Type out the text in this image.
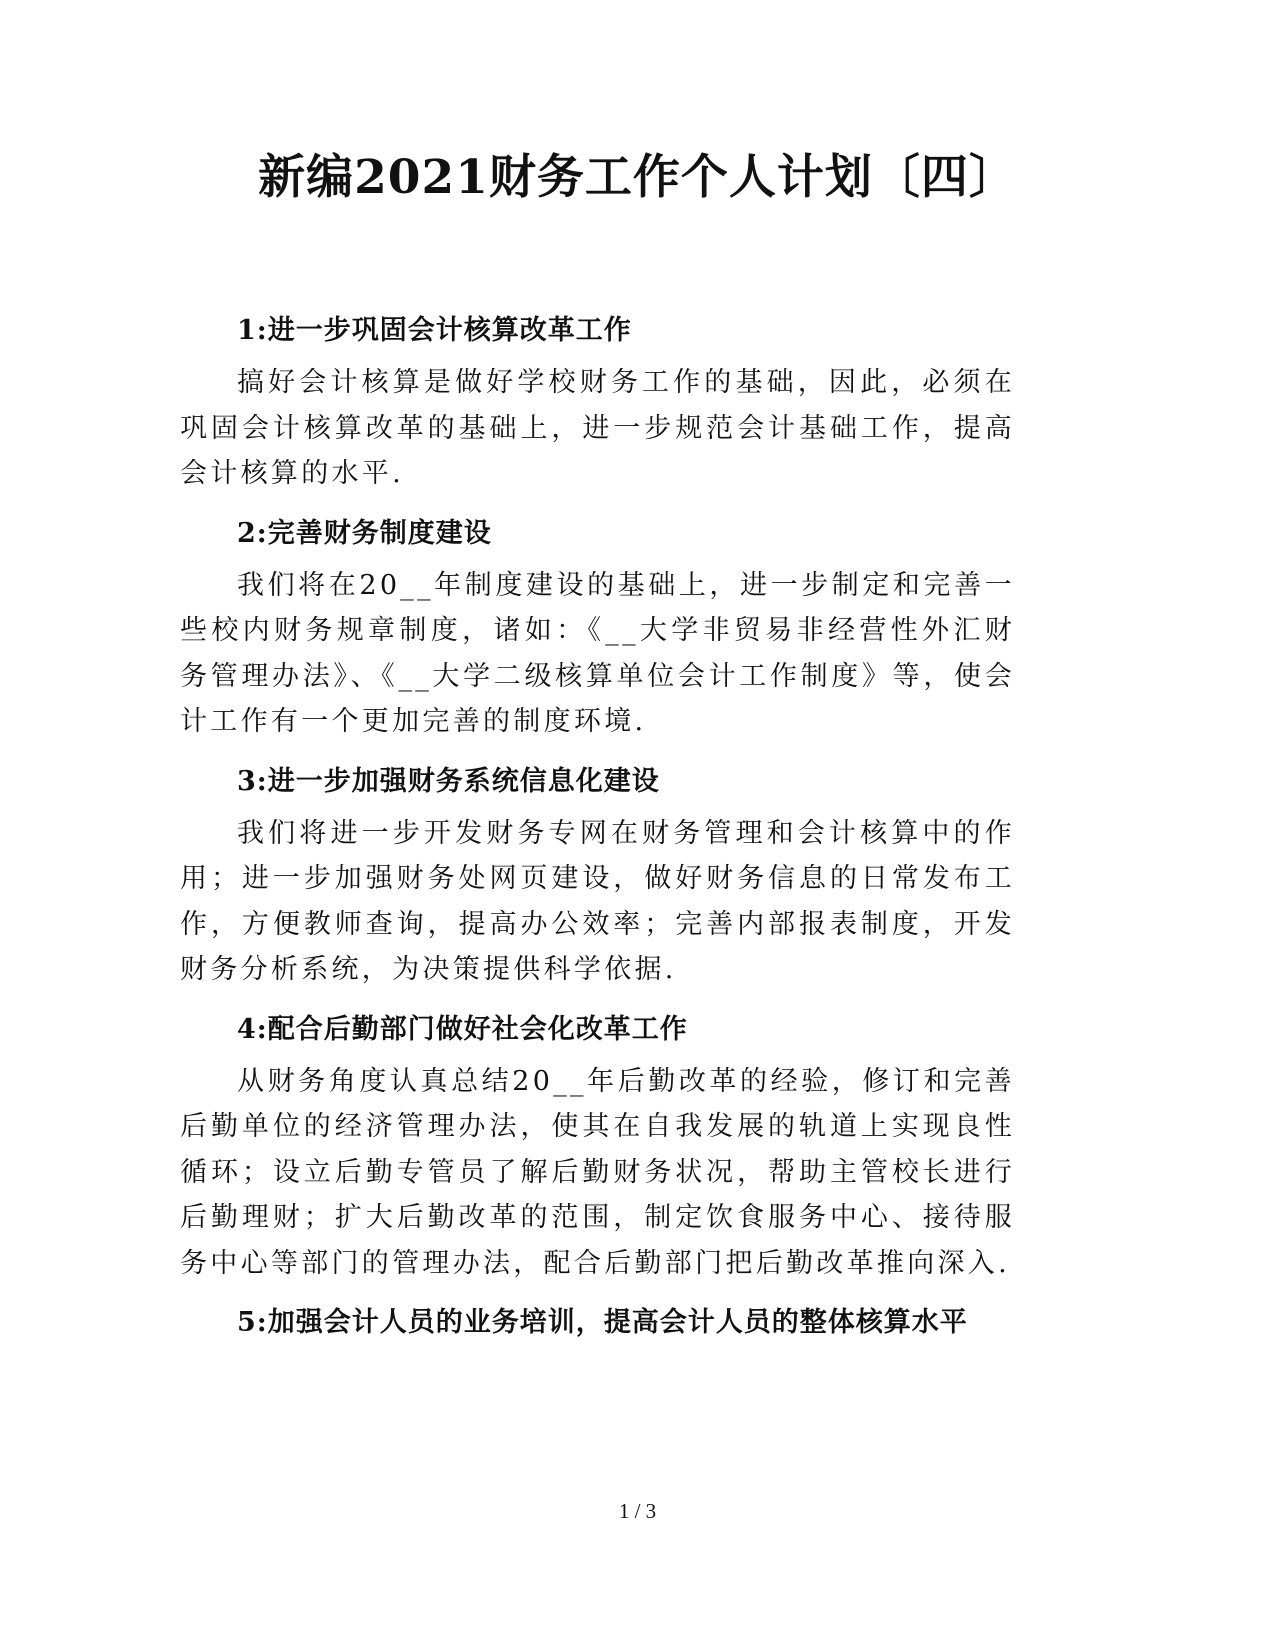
新编2021财务工作个人计划〔四〕
1:进一步巩固会计核算改革工作

搞好会计核算是做好学校财务工作的基础，因此，必须在巩固会计核算改革的基础上，进一步规范会计基础工作，提高会计核算的水平.

2:完善财务制度建设

我们将在20__年制度建设的基础上，进一步制定和完善一些校内财务规章制度，诸如：《__大学非贸易非经营性外汇财务管理办法》、《__大学二级核算单位会计工作制度》等，使会计工作有一个更加完善的制度环境.

3:进一步加强财务系统信息化建设

我们将进一步开发财务专网在财务管理和会计核算中的作用；进一步加强财务处网页建设，做好财务信息的日常发布工作，方便教师查询，提高办公效率；完善内部报表制度，开发财务分析系统，为决策提供科学依据.

4:配合后勤部门做好社会化改革工作

从财务角度认真总结20__年后勤改革的经验，修订和完善后勤单位的经济管理办法，使其在自我发展的轨道上实现良性循环；设立后勤专管员了解后勤财务状况，帮助主管校长进行后勤理财；扩大后勤改革的范围，制定饮食服务中心、接待服务中心等部门的管理办法，配合后勤部门把后勤改革推向深入.

5:加强会计人员的业务培训，提高会计人员的整体核算水平
1 / 3
